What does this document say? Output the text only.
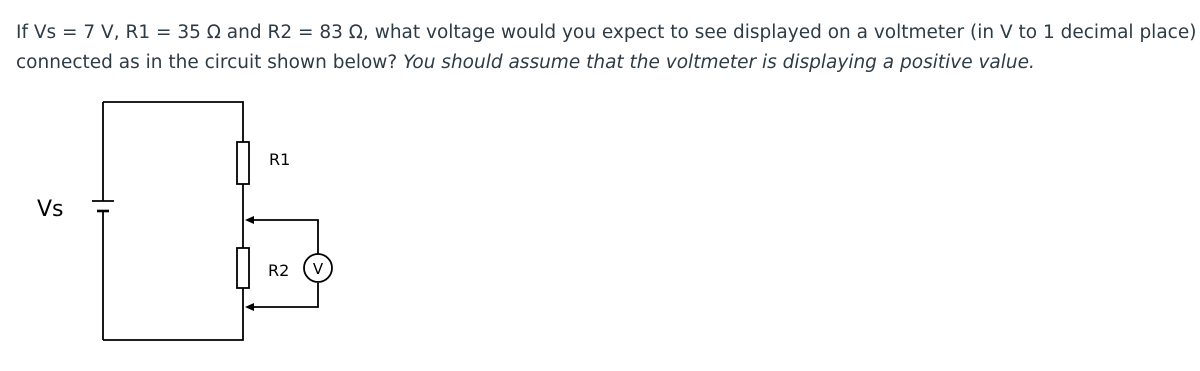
If Vs = 7 V, R1 = 35 Ω and R2 = 83 Ω, what voltage would you expect to see displayed on a voltmeter (in V to 1 decimal place)
connected as in the circuit shown below? You should assume that the voltmeter is displaying a positive value.
V
Vs
R1
R2
